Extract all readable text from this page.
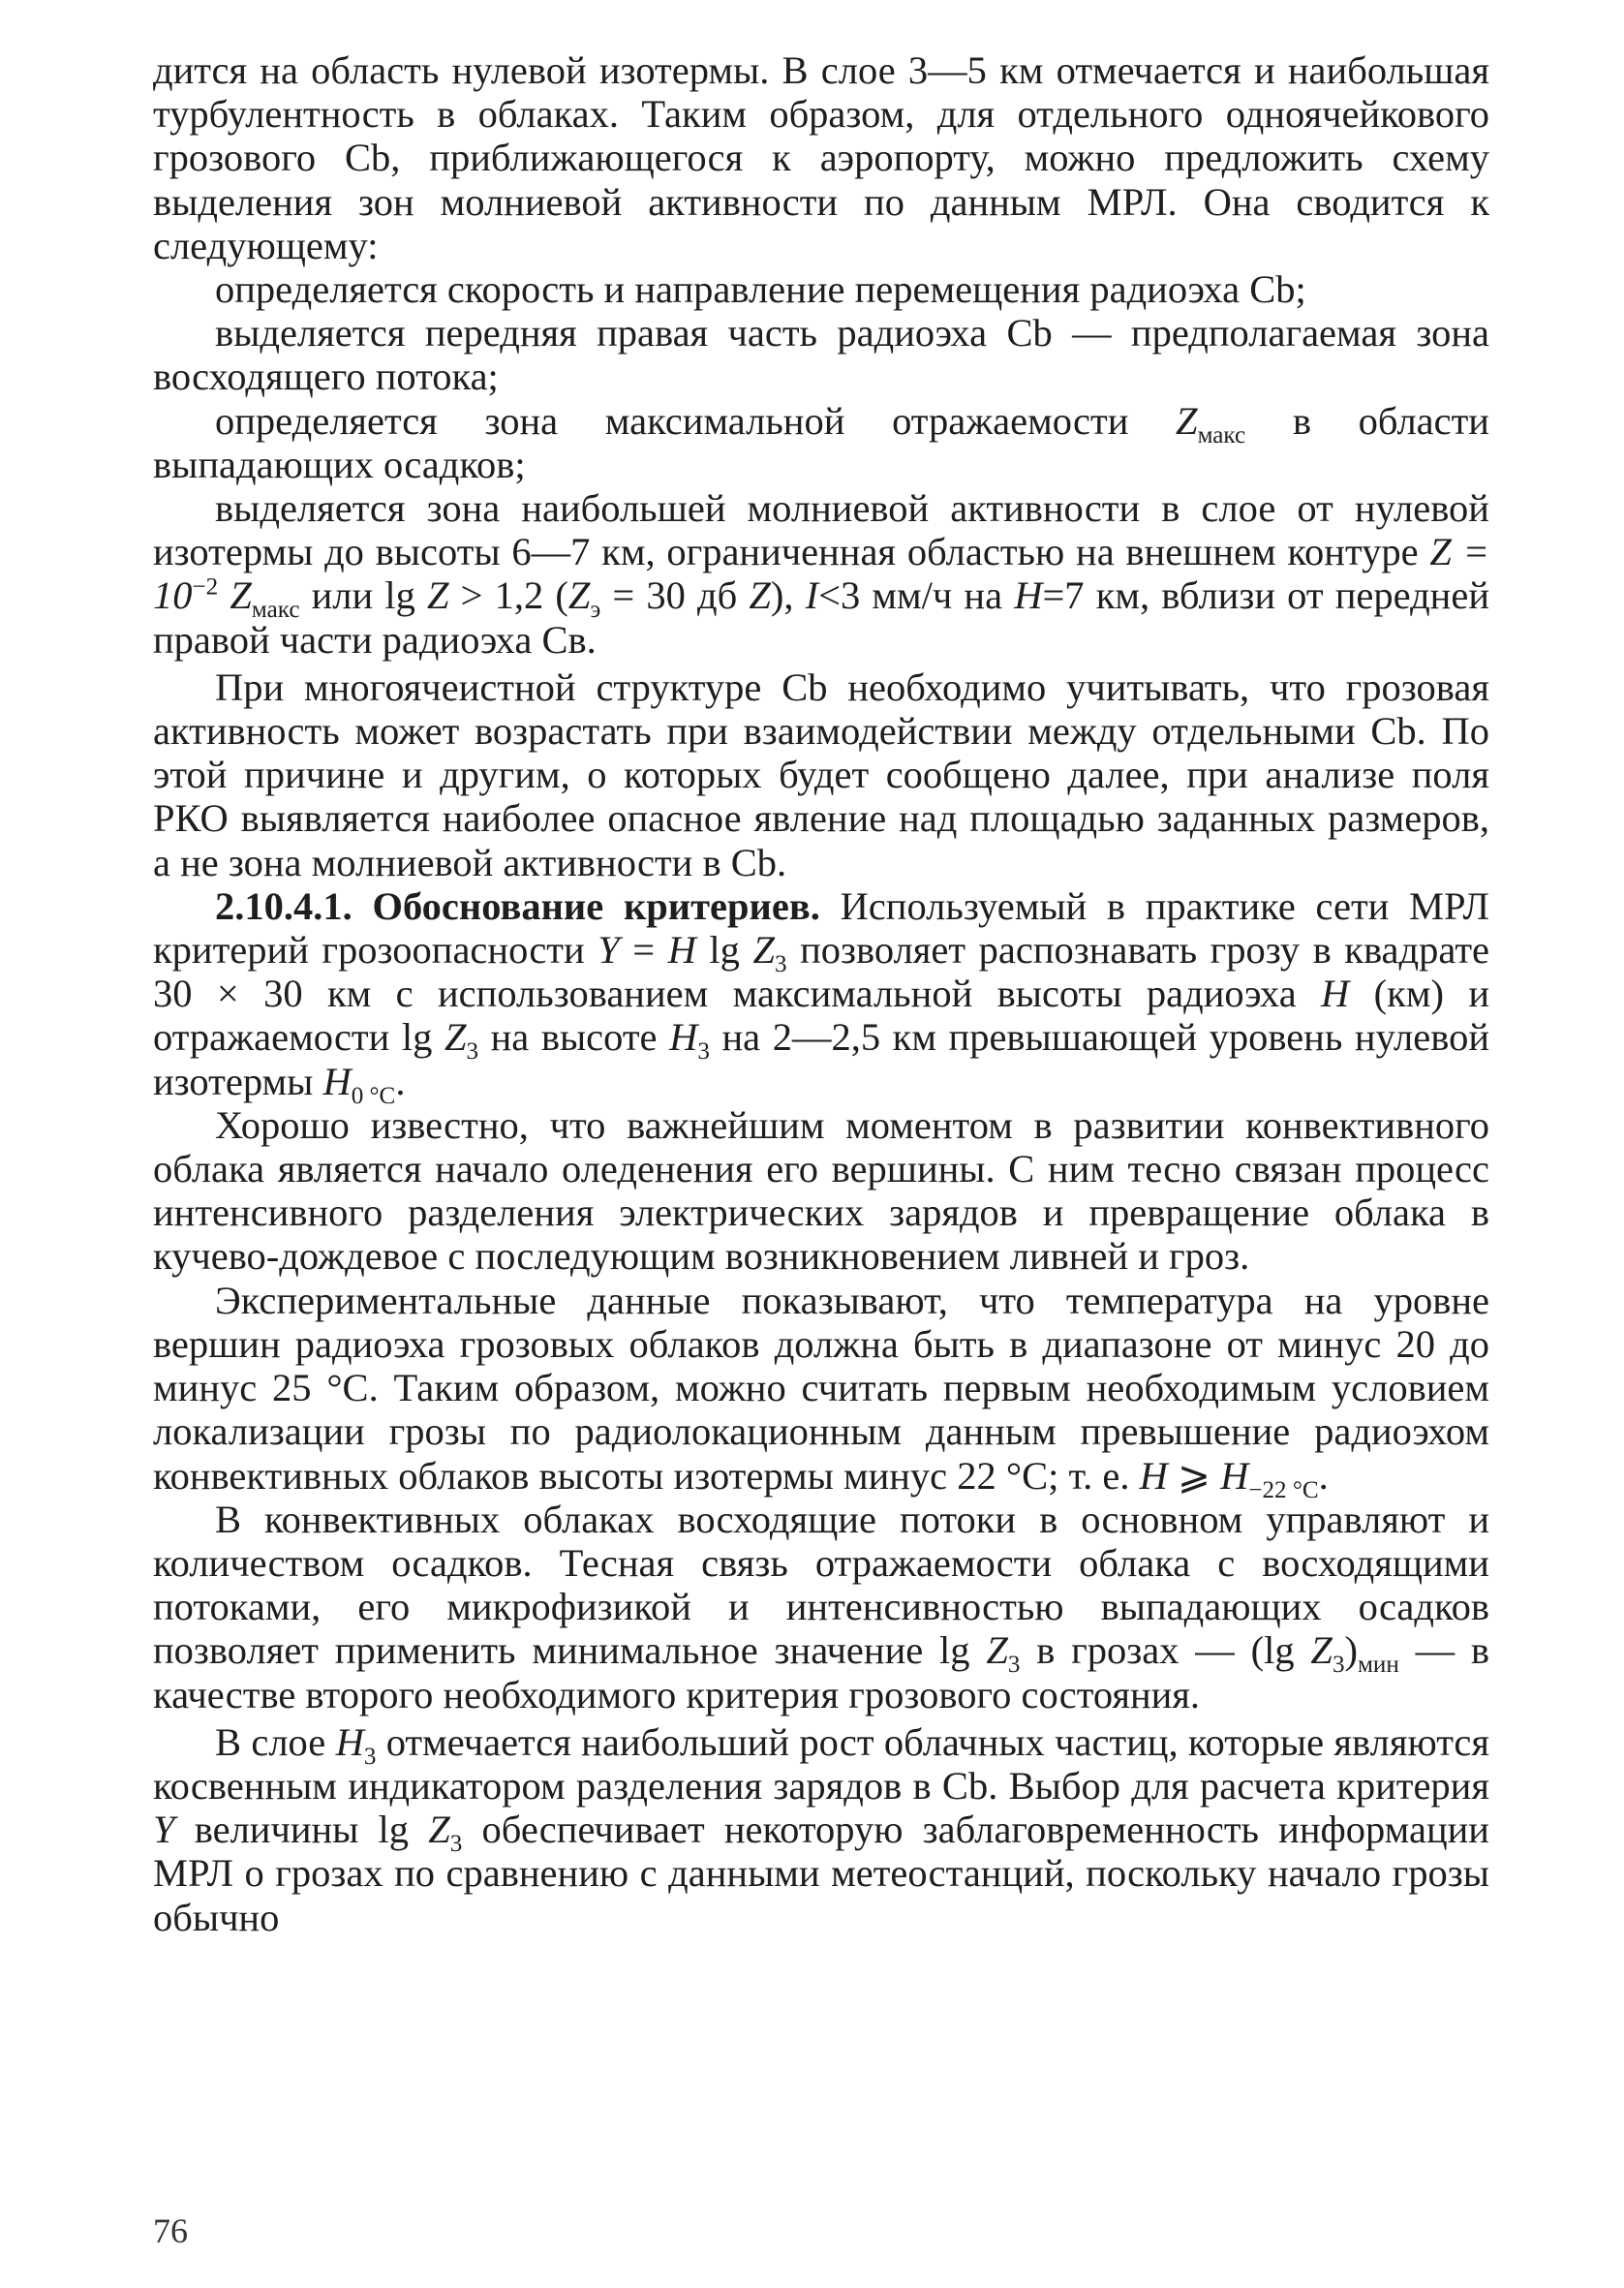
дится на область нулевой изотермы. В слое 3—5 км отмечается и наибольшая турбулентность в облаках. Таким образом, для отдельного одноячейкового грозового Cb, приближающегося к аэропорту, можно предложить схему выделения зон молниевой активности по данным МРЛ. Она сводится к следующему:

определяется скорость и направление перемещения радиоэха Cb;

выделяется передняя правая часть радиоэха Cb — предполагаемая зона восходящего потока;

определяется зона максимальной отражаемости $Z_{макс}$ в области выпадающих осадков;

выделяется зона наибольшей молниевой активности в слое от нулевой изотермы до высоты 6—7 км, ограниченная областью на внешнем контуре $Z = 10^{-2}$ $Z_{макс}$ или lg Z > 1,2 ($Z_э = 30$ дб Z), I<3 мм/ч на H=7 км, вблизи от передней правой части радиоэха Св.

При многоячеистной структуре Cb необходимо учитывать, что грозовая активность может возрастать при взаимодействии между отдельными Cb. По этой причине и другим, о которых будет сообщено далее, при анализе поля РКО выявляется наиболее опасное явление над площадью заданных размеров, а не зона молниевой активности в Cb.

2.10.4.1. Обоснование критериев. Используемый в практике сети МРЛ критерий грозоопасности Y = H $\lg Z_3$ позволяет распознавать грозу в квадрате 30 × 30 км с использованием максимальной высоты радиоэха H (км) и отражаемости $\lg Z_3$ на высоте $H_3$ на 2—2,5 км превышающей уровень нулевой изотермы $H_{0 ^\circ С}$.

Хорошо известно, что важнейшим моментом в развитии конвективного облака является начало оледенения его вершины. С ним тесно связан процесс интенсивного разделения электрических зарядов и превращение облака в кучево-дождевое с последующим возникновением ливней и гроз.

Экспериментальные данные показывают, что температура на уровне вершин радиоэха грозовых облаков должна быть в диапазоне от минус 20 до минус 25 °С. Таким образом, можно считать первым необходимым условием локализации грозы по радиолокационным данным превышение радиоэхом конвективных облаков высоты изотермы минус 22 °С; т. е. H ⩾ $H_{-22 ^\circ С}$.

В конвективных облаках восходящие потоки в основном управляют и количеством осадков. Тесная связь отражаемости облака с восходящими потоками, его микрофизикой и интенсивностью выпадающих осадков позволяет применить минимальное значение $\lg Z_3$ в грозах — (lg $Z_3)_{мин}$ — в качестве второго необходимого критерия грозового состояния.

В слое $H_3$ отмечается наибольший рост облачных частиц, которые являются косвенным индикатором разделения зарядов в Cb. Выбор для расчета критерия Y величины $\lg Z_3$ обеспечивает некоторую заблаговременность информации МРЛ о грозах по сравнению с данными метеостанций, поскольку начало грозы обычно

76
